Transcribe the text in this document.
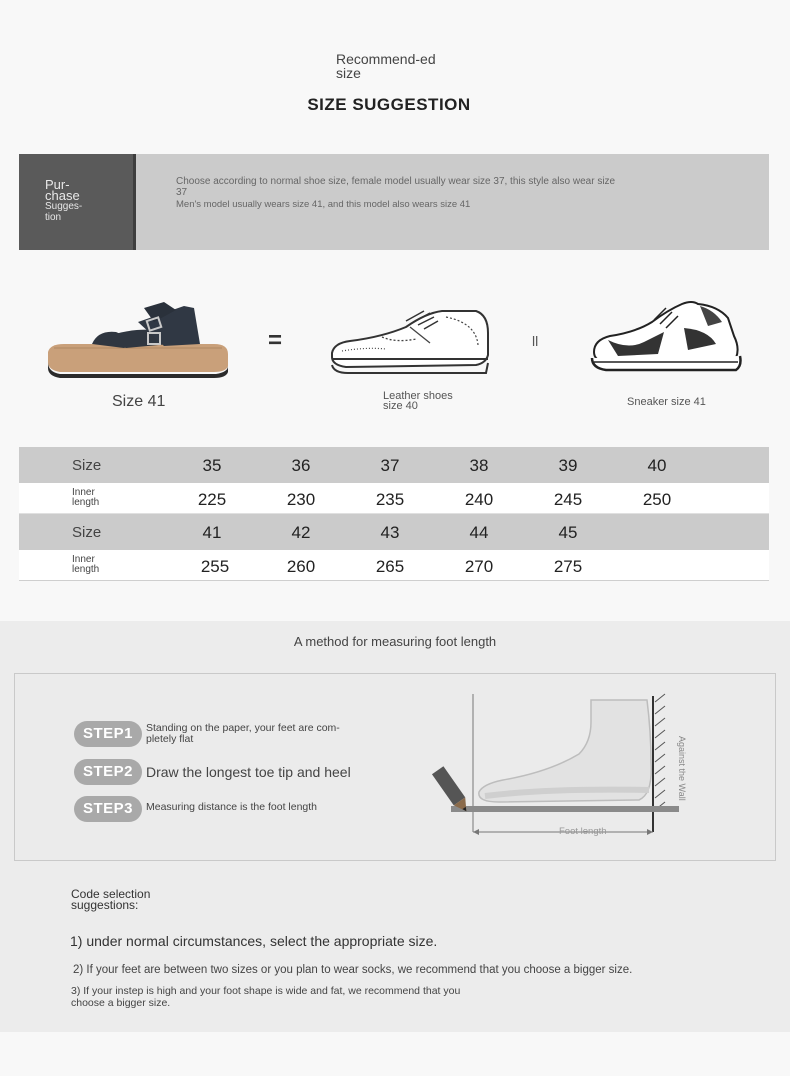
Recommend-ed size
SIZE SUGGESTION
Pur-
chase
Sugges-
tion

Choose according to normal shoe size, female model usually wear size 37, this style also wear size 37

Men's model usually wears size 41, and this model also wears size 41

=	ll
Size 41	Leather shoes size 40	Sneaker size 41
Size	35	36	37	38	39	40
Inner
length	225	230	235	240	245	250
Size	41	42	43	44	45
Inner
length	255	260	265	270	275
A method for measuring foot length
STEP1	Standing on the paper, your feet are com-pletely flat
STEP2 Draw the longest toe tip and heel
STEP3	Measuring distance is the foot length
Against the Wall
Foot length
Code selection suggestions:
1) under normal circumstances, select the appropriate size.
2) If your feet are between two sizes or you plan to wear socks, we recommend that you choose a bigger size.
3) If your instep is high and your foot shape is wide and fat, we recommend that you choose a bigger size.
